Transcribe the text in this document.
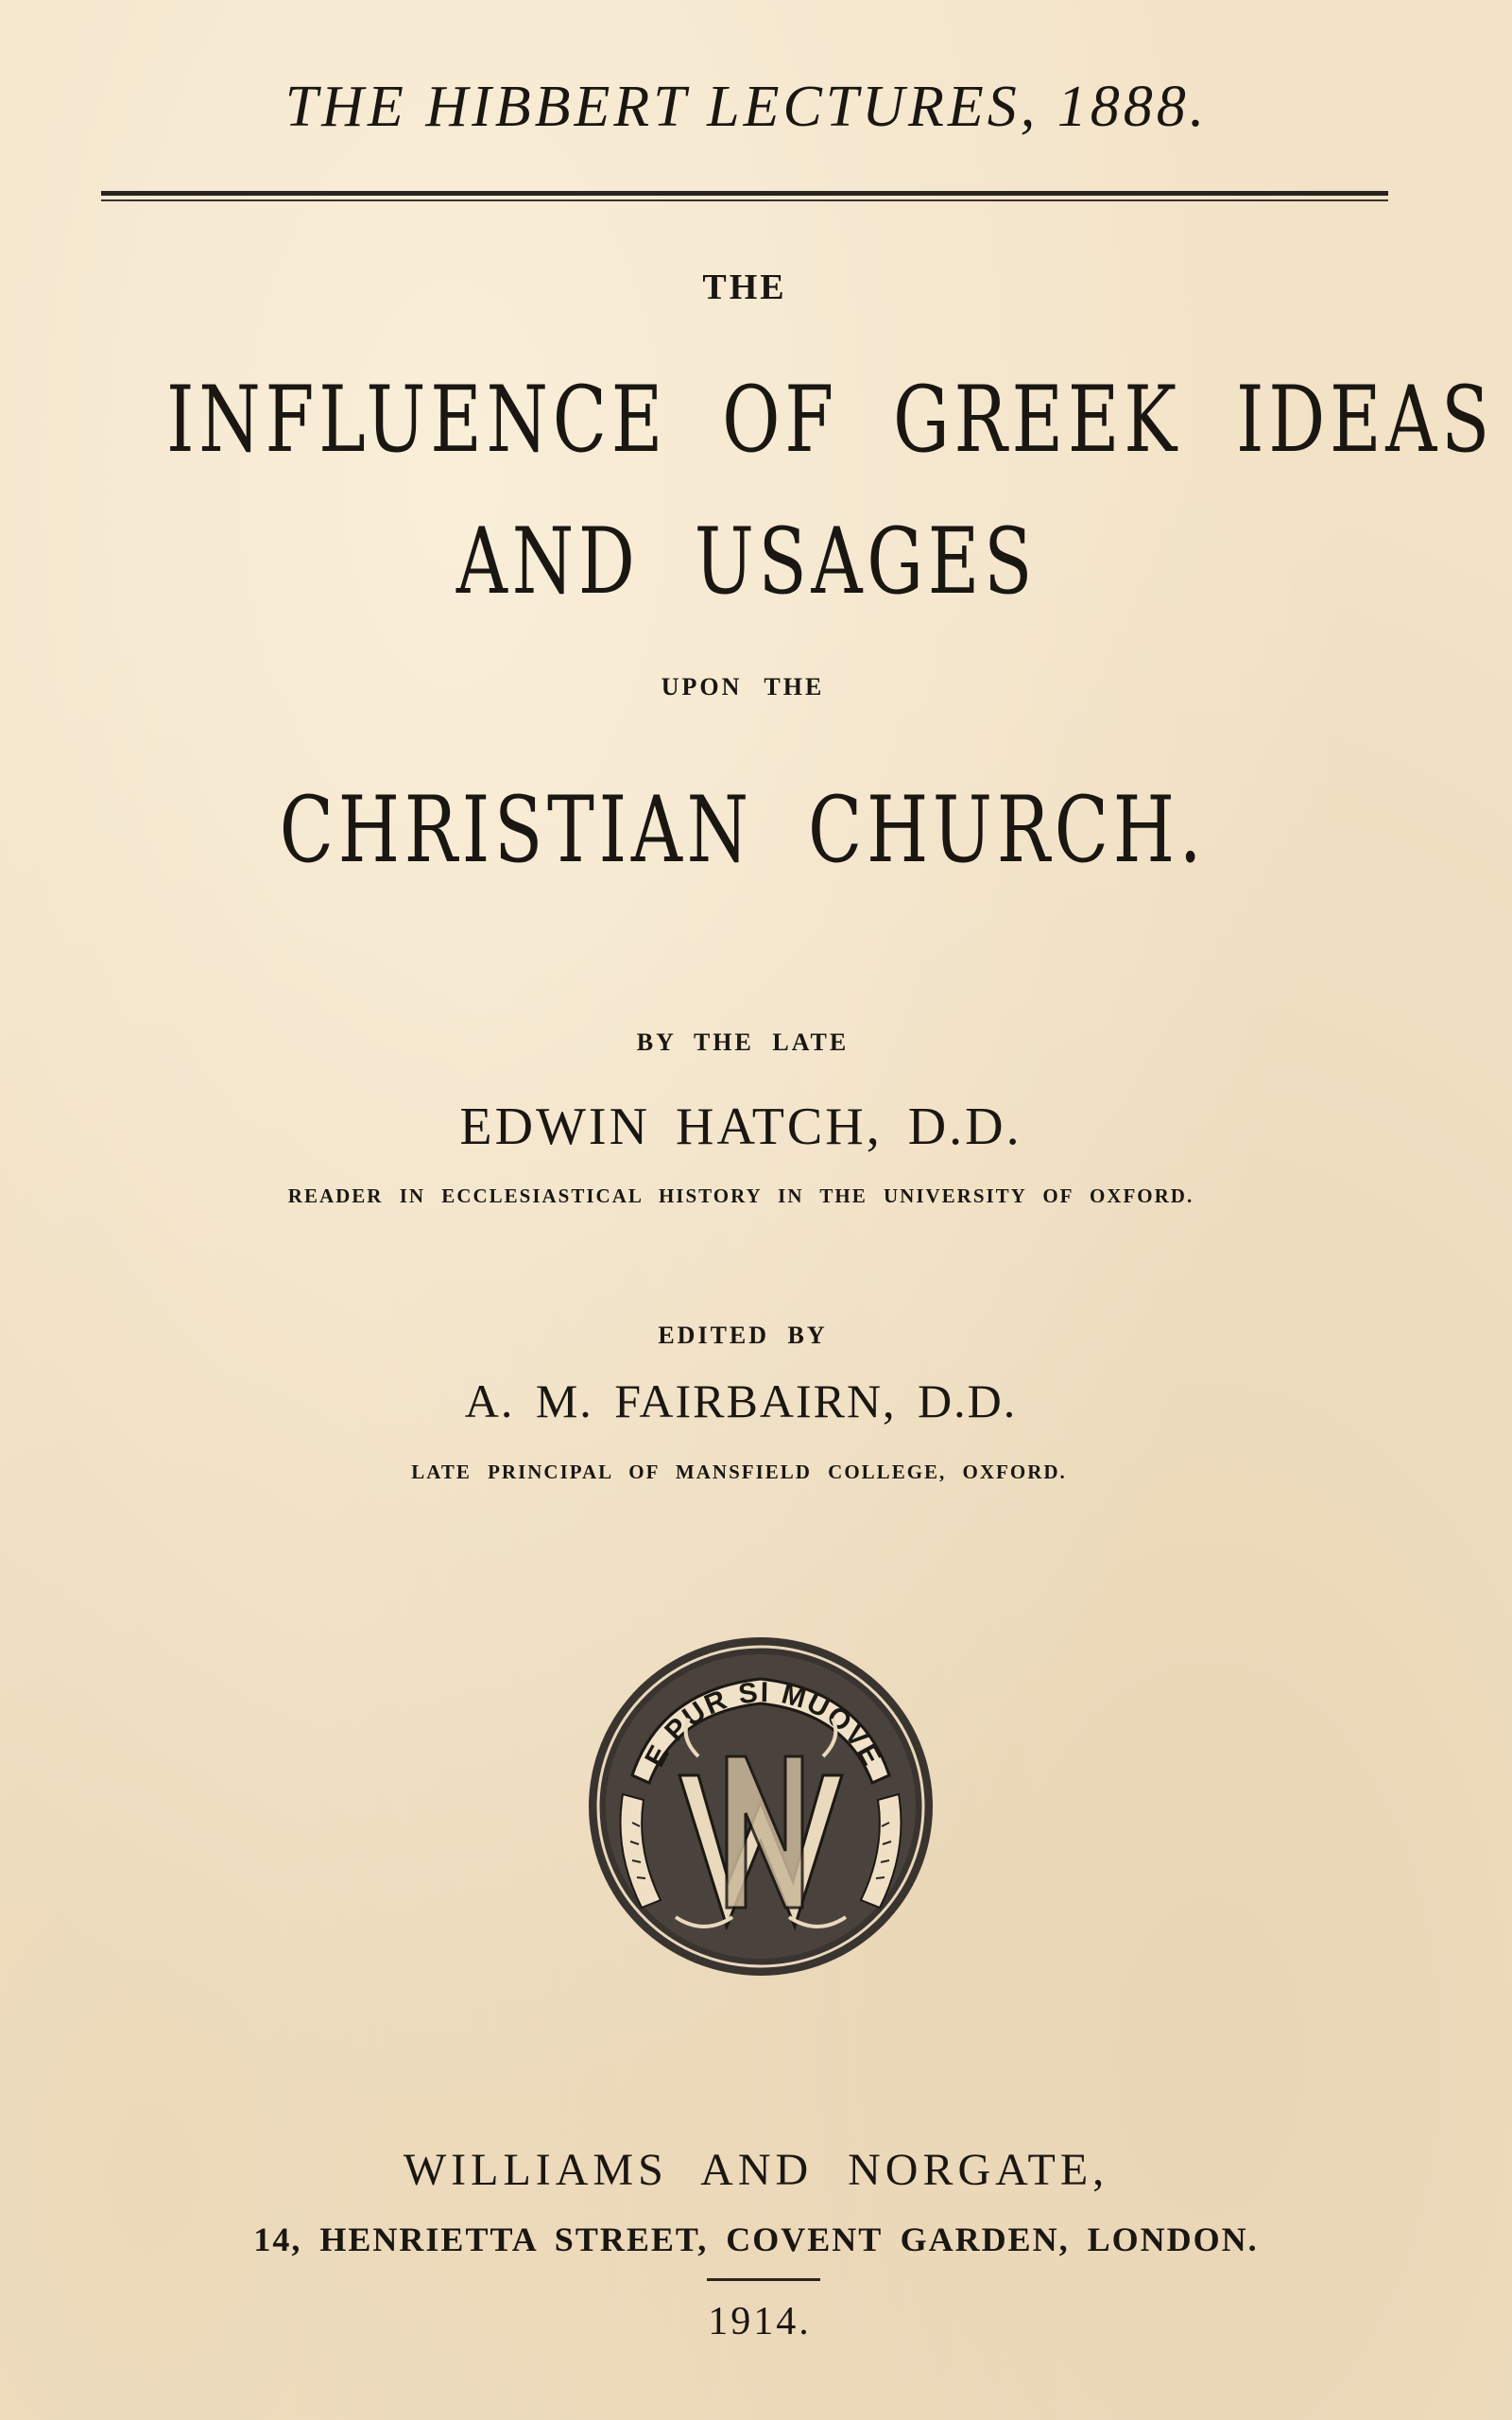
THE HIBBERT LECTURES, 1888.
THE
INFLUENCE OF GREEK IDEAS
AND USAGES
UPON THE
CHRISTIAN CHURCH.
BY THE LATE
EDWIN HATCH, D.D.
READER IN ECCLESIASTICAL HISTORY IN THE UNIVERSITY OF OXFORD.
EDITED BY
A. M. FAIRBAIRN, D.D.
LATE PRINCIPAL OF MANSFIELD COLLEGE, OXFORD.
E PUR SI MUOVE
WILLIAMS AND NORGATE,
14, HENRIETTA STREET, COVENT GARDEN, LONDON.
1914.
